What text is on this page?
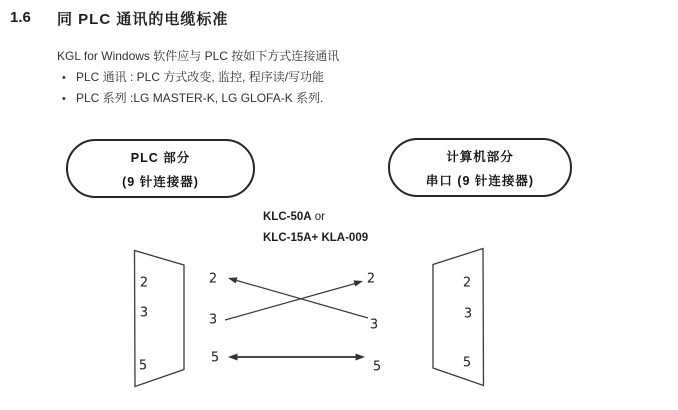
1.6 同 PLC 通讯的电缆标准
KGL for Windows 软件应与 PLC 按如下方式连接通讯
• PLC 通讯 : PLC 方式改变, 监控, 程序读/写功能
• PLC 系列 :LG MASTER-K, LG GLOFA-K 系列.
PLC 部分
(9 针连接器)
计算机部分
串口 (9 针连接器)
KLC-50A or
KLC-15A+ KLA-009
2
3
5
2
3
5
2
3
5
2
3
5
